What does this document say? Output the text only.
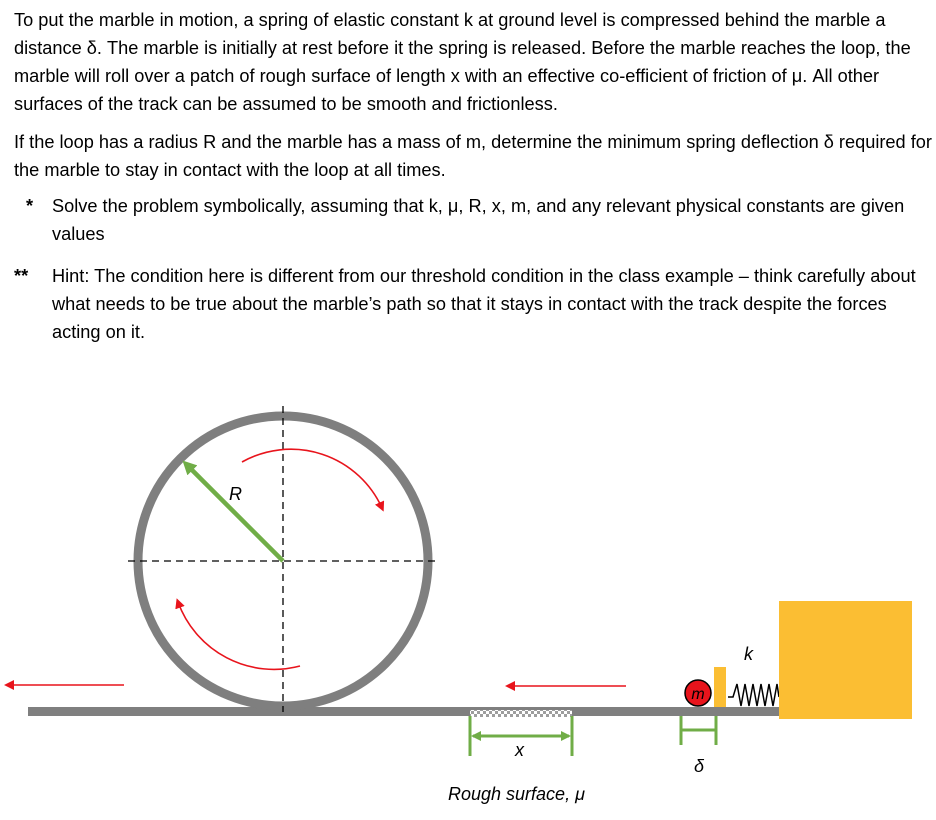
To put the marble in motion, a spring of elastic constant k at ground level is compressed behind the marble a distance δ. The marble is initially at rest before it the spring is released. Before the marble reaches the loop, the marble will roll over a patch of rough surface of length x with an effective co-efficient of friction of μ. All other surfaces of the track can be assumed to be smooth and frictionless.

If the loop has a radius R and the marble has a mass of m, determine the minimum spring deflection δ required for the marble to stay in contact with the loop at all times.

* Solve the problem symbolically, assuming that k, μ, R, x, m, and any relevant physical constants are given values
** Hint: The condition here is different from our threshold condition in the class example – think carefully about what needs to be true about the marble’s path so that it stays in contact with the track despite the forces acting on it.
R
x
Rough surface, μ
m
k
δ
